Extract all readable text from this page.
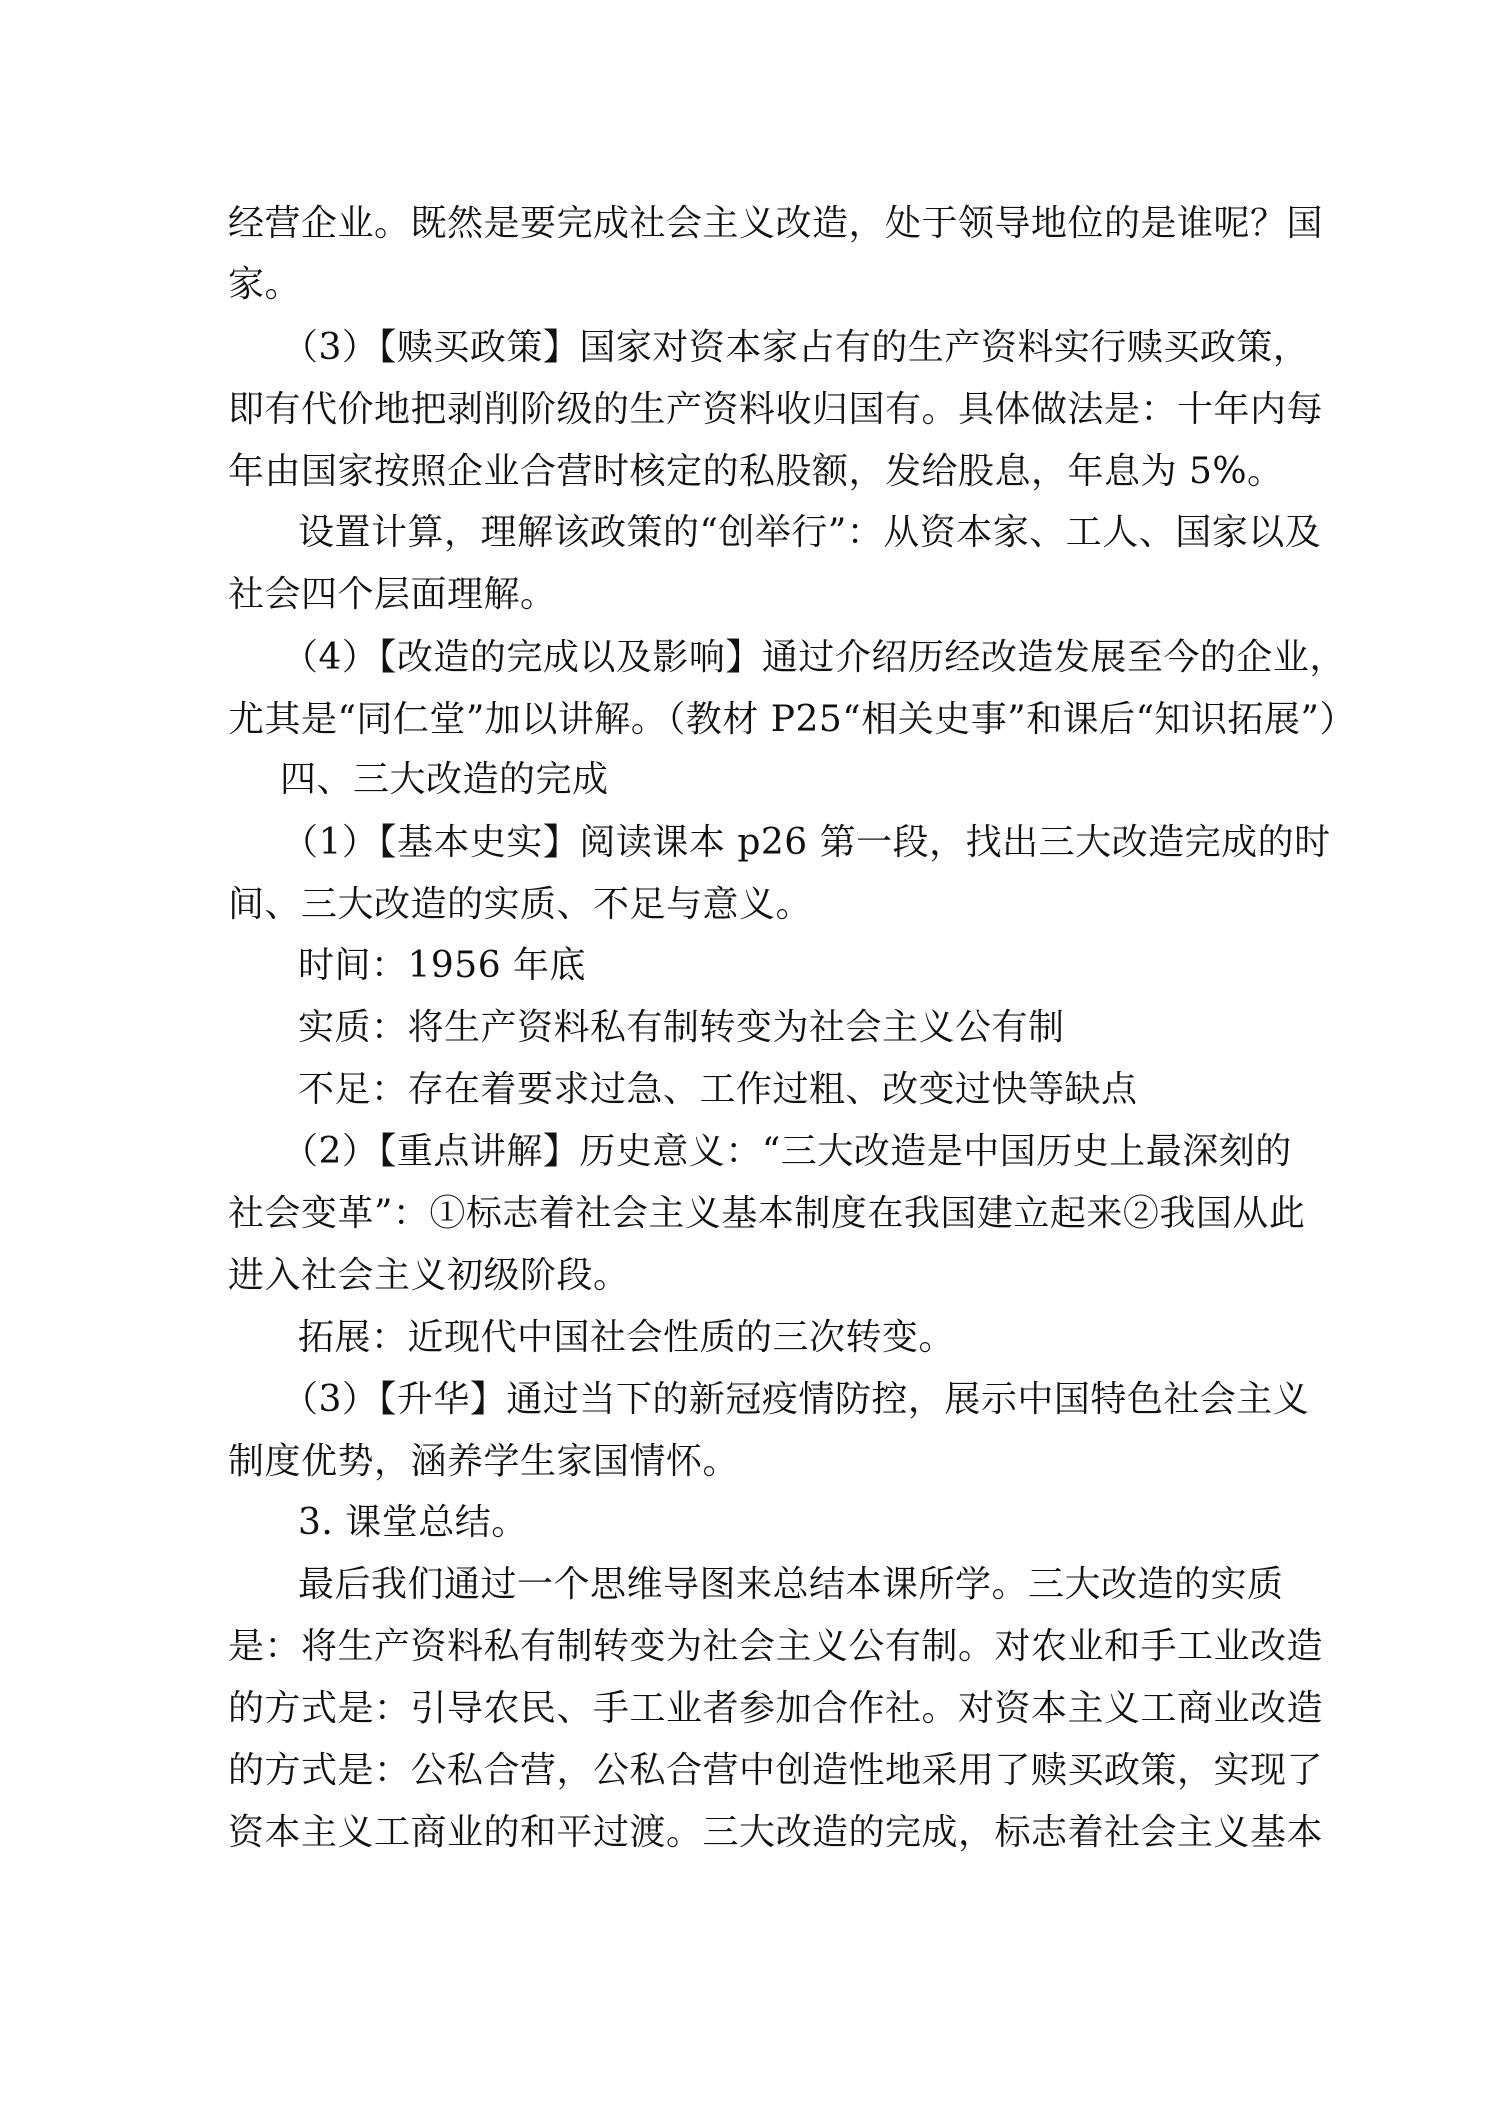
经营企业。既然是要完成社会主义改造，处于领导地位的是谁呢？国
家。
（3）【赎买政策】国家对资本家占有的生产资料实行赎买政策，
即有代价地把剥削阶级的生产资料收归国有。具体做法是：十年内每
年由国家按照企业合营时核定的私股额，发给股息，年息为 5%。
设置计算，理解该政策的“创举行”：从资本家、工人、国家以及
社会四个层面理解。
（4）【改造的完成以及影响】通过介绍历经改造发展至今的企业，
尤其是“同仁堂”加以讲解。（教材 P25“相关史事”和课后“知识拓展”）
四、三大改造的完成
（1）【基本史实】阅读课本 p26 第一段，找出三大改造完成的时
间、三大改造的实质、不足与意义。
时间：1956 年底
实质：将生产资料私有制转变为社会主义公有制
不足：存在着要求过急、工作过粗、改变过快等缺点
（2）【重点讲解】历史意义：“三大改造是中国历史上最深刻的
社会变革”：①标志着社会主义基本制度在我国建立起来②我国从此
进入社会主义初级阶段。
拓展：近现代中国社会性质的三次转变。
（3）【升华】通过当下的新冠疫情防控，展示中国特色社会主义
制度优势，涵养学生家国情怀。
3. 课堂总结。
最后我们通过一个思维导图来总结本课所学。三大改造的实质
是：将生产资料私有制转变为社会主义公有制。对农业和手工业改造
的方式是：引导农民、手工业者参加合作社。对资本主义工商业改造
的方式是：公私合营，公私合营中创造性地采用了赎买政策，实现了
资本主义工商业的和平过渡。三大改造的完成，标志着社会主义基本
